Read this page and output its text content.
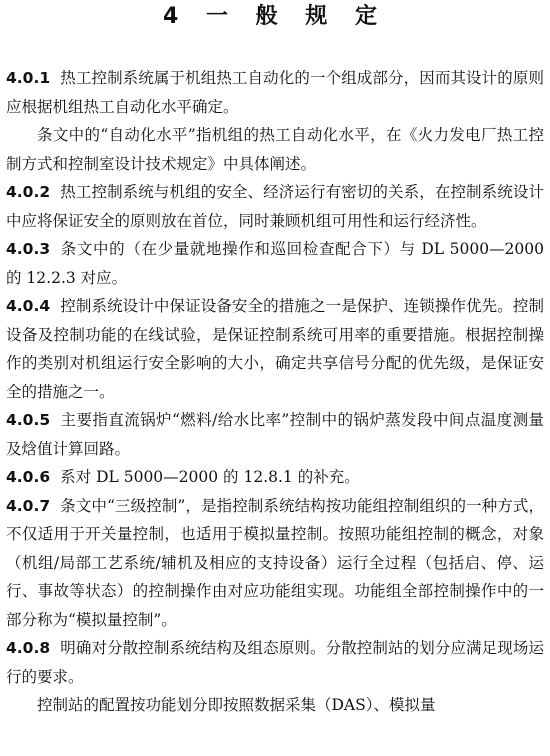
4 一 般 规 定

4.0.1 热工控制系统属于机组热工自动化的一个组成部分，因而其设计的原则应根据机组热工自动化水平确定。

条文中的“自动化水平”指机组的热工自动化水平，在《火力发电厂热工控制方式和控制室设计技术规定》中具体阐述。

4.0.2 热工控制系统与机组的安全、经济运行有密切的关系，在控制系统设计中应将保证安全的原则放在首位，同时兼顾机组可用性和运行经济性。

4.0.3 条文中的（在少量就地操作和巡回检查配合下）与 DL 5000—2000 的 12.2.3 对应。

4.0.4 控制系统设计中保证设备安全的措施之一是保护、连锁操作优先。控制设备及控制功能的在线试验，是保证控制系统可用率的重要措施。根据控制操作的类别对机组运行安全影响的大小，确定共享信号分配的优先级，是保证安全的措施之一。

4.0.5 主要指直流锅炉“燃料/给水比率”控制中的锅炉蒸发段中间点温度测量及焓值计算回路。

4.0.6 系对 DL 5000—2000 的 12.8.1 的补充。

4.0.7 条文中“三级控制”，是指控制系统结构按功能组控制组织的一种方式，不仅适用于开关量控制，也适用于模拟量控制。按照功能组控制的概念，对象（机组/局部工艺系统/辅机及相应的支持设备）运行全过程（包括启、停、运行、事故等状态）的控制操作由对应功能组实现。功能组全部控制操作中的一部分称为“模拟量控制”。

4.0.8 明确对分散控制系统结构及组态原则。分散控制站的划分应满足现场运行的要求。

控制站的配置按功能划分即按照数据采集（DAS）、模拟量
